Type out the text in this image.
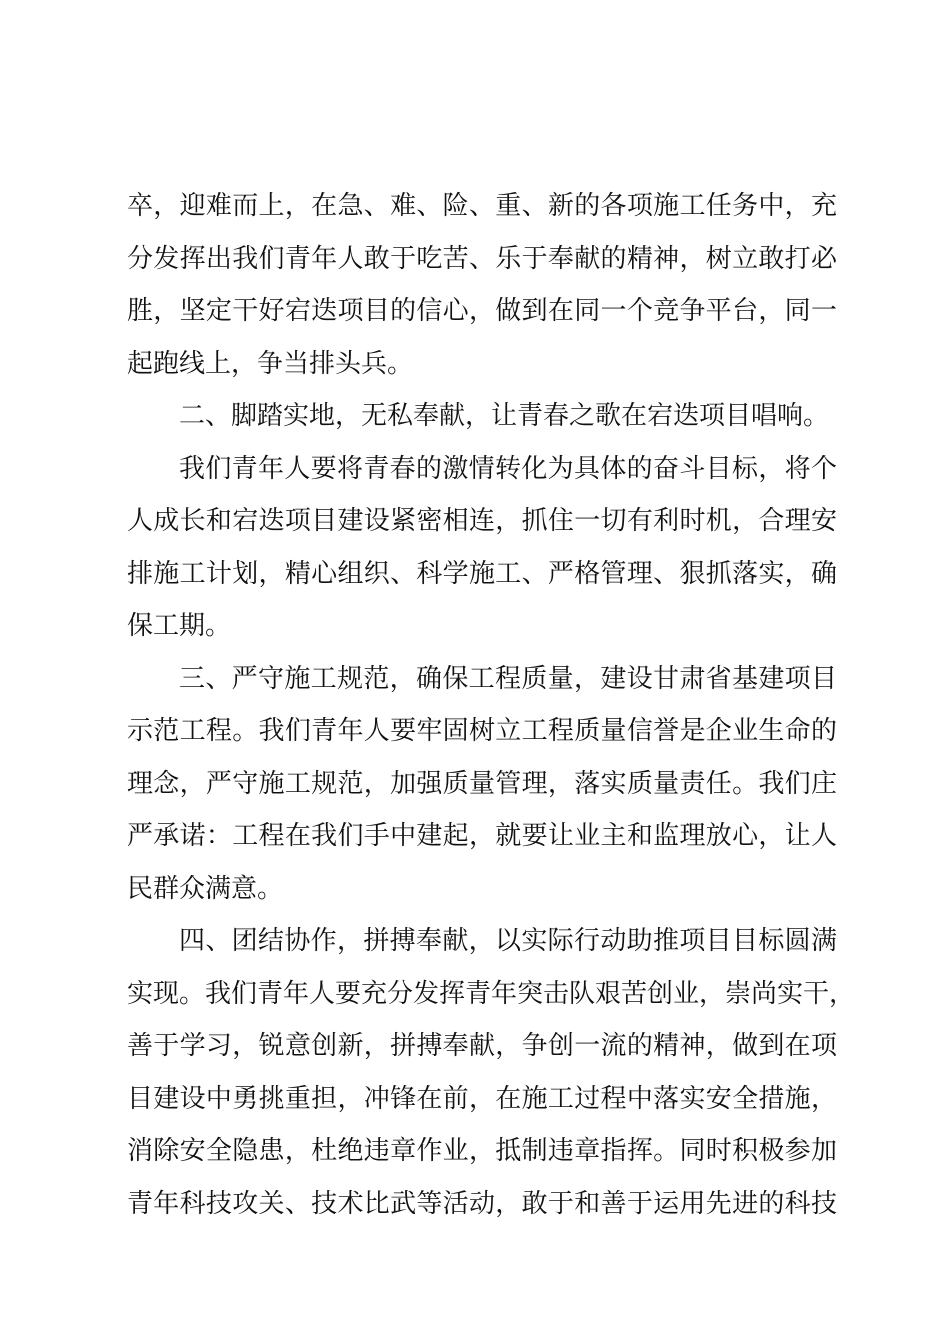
卒，迎难而上，在急、难、险、重、新的各项施工任务中，充
分发挥出我们青年人敢于吃苦、乐于奉献的精神，树立敢打必
胜，坚定干好宕迭项目的信心，做到在同一个竞争平台，同一
起跑线上，争当排头兵。
二、脚踏实地，无私奉献，让青春之歌在宕迭项目唱响。
我们青年人要将青春的激情转化为具体的奋斗目标，将个
人成长和宕迭项目建设紧密相连，抓住一切有利时机，合理安
排施工计划，精心组织、科学施工、严格管理、狠抓落实，确
保工期。
三、严守施工规范，确保工程质量，建设甘肃省基建项目
示范工程。我们青年人要牢固树立工程质量信誉是企业生命的
理念，严守施工规范，加强质量管理，落实质量责任。我们庄
严承诺：工程在我们手中建起，就要让业主和监理放心，让人
民群众满意。
四、团结协作，拼搏奉献，以实际行动助推项目目标圆满
实现。我们青年人要充分发挥青年突击队艰苦创业，崇尚实干，
善于学习，锐意创新，拼搏奉献，争创一流的精神，做到在项
目建设中勇挑重担，冲锋在前，在施工过程中落实安全措施，
消除安全隐患，杜绝违章作业，抵制违章指挥。同时积极参加
青年科技攻关、技术比武等活动，敢于和善于运用先进的科技
